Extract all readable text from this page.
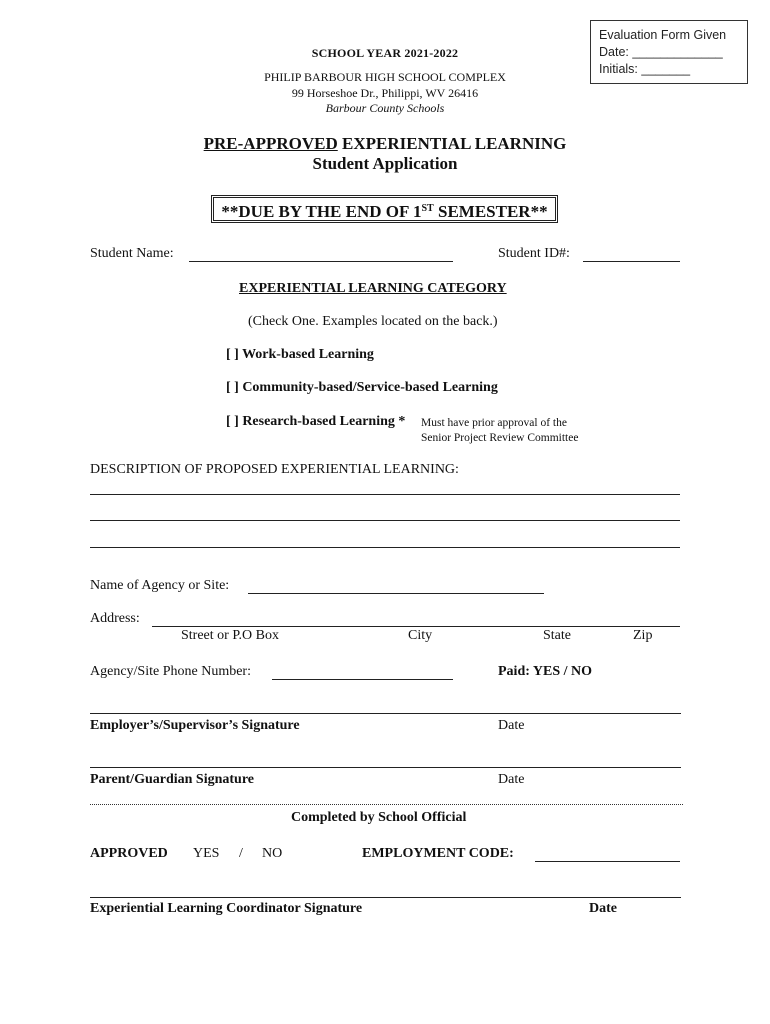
Evaluation Form Given
Date: _____________
Initials: _______
SCHOOL YEAR 2021-2022
PHILIP BARBOUR HIGH SCHOOL COMPLEX
99 Horseshoe Dr., Philippi, WV 26416
Barbour County Schools
PRE-APPROVED EXPERIENTIAL LEARNING
Student Application
**DUE BY THE END OF 1ST SEMESTER**
Student Name:	Student ID#:
EXPERIENTIAL LEARNING CATEGORY
(Check One. Examples located on the back.)
[ ] Work-based Learning
[ ] Community-based/Service-based Learning
[ ] Research-based Learning * Must have prior approval of the
Senior Project Review Committee
DESCRIPTION OF PROPOSED EXPERIENTIAL LEARNING:
Name of Agency or Site:
Address:
Street or P.O Box	City	State	Zip
Agency/Site Phone Number:	Paid: YES / NO
Employer’s/Supervisor’s Signature	Date
Parent/Guardian Signature	Date
Completed by School Official
APPROVED YES / NO	EMPLOYMENT CODE:
Experiential Learning Coordinator Signature	Date
